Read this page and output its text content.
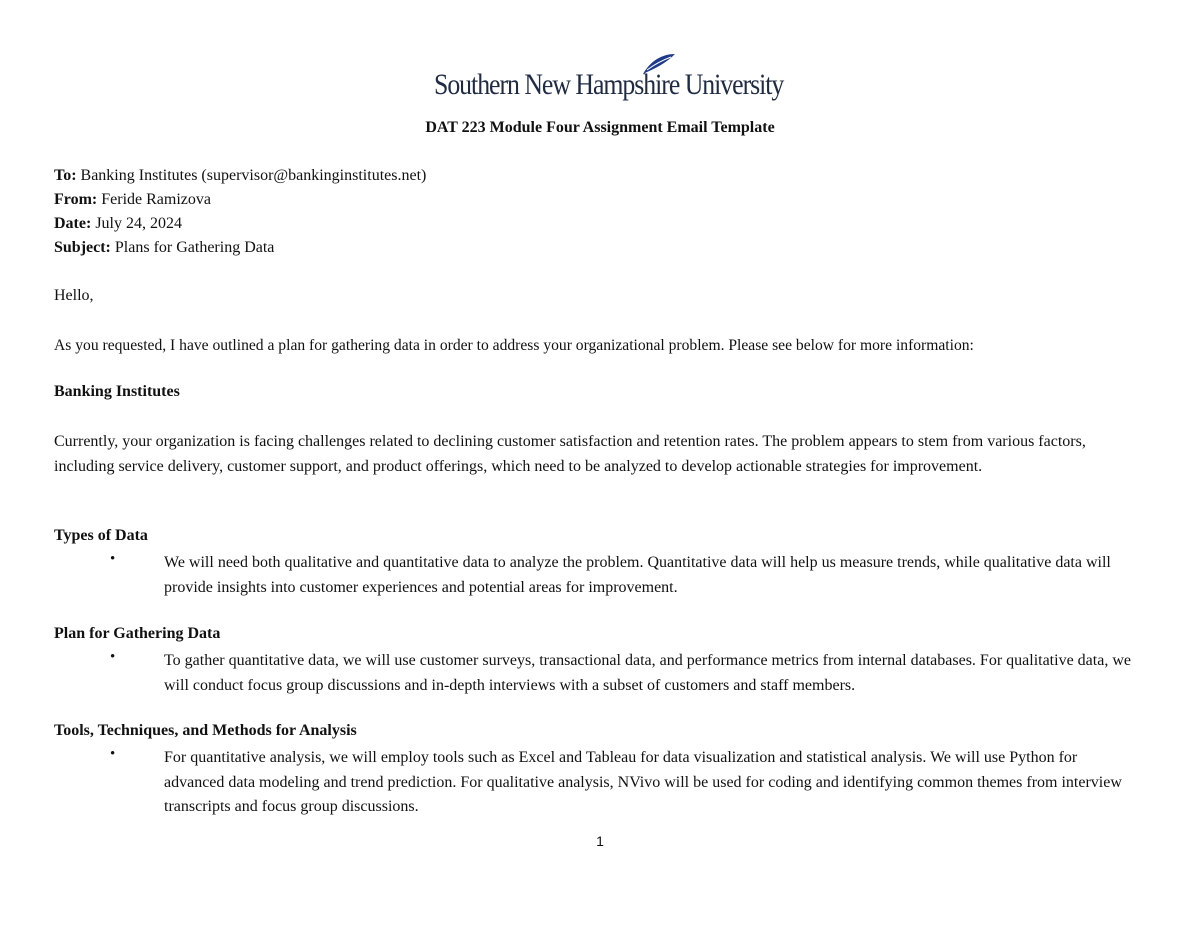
Southern New Hampshire University
DAT 223 Module Four Assignment Email Template
To: Banking Institutes (supervisor@bankinginstitutes.net)
From: Feride Ramizova
Date: July 24, 2024
Subject: Plans for Gathering Data
Hello,
As you requested, I have outlined a plan for gathering data in order to address your organizational problem. Please see below for more information:
Banking Institutes
Currently, your organization is facing challenges related to declining customer satisfaction and retention rates. The problem appears to stem from various factors, including service delivery, customer support, and product offerings, which need to be analyzed to develop actionable strategies for improvement.
Types of Data
•	We will need both qualitative and quantitative data to analyze the problem. Quantitative data will help us measure trends, while qualitative data will provide insights into customer experiences and potential areas for improvement.
Plan for Gathering Data
•	To gather quantitative data, we will use customer surveys, transactional data, and performance metrics from internal databases. For qualitative data, we will conduct focus group discussions and in-depth interviews with a subset of customers and staff members.
Tools, Techniques, and Methods for Analysis
•	For quantitative analysis, we will employ tools such as Excel and Tableau for data visualization and statistical analysis. We will use Python for advanced data modeling and trend prediction. For qualitative analysis, NVivo will be used for coding and identifying common themes from interview transcripts and focus group discussions.
1
